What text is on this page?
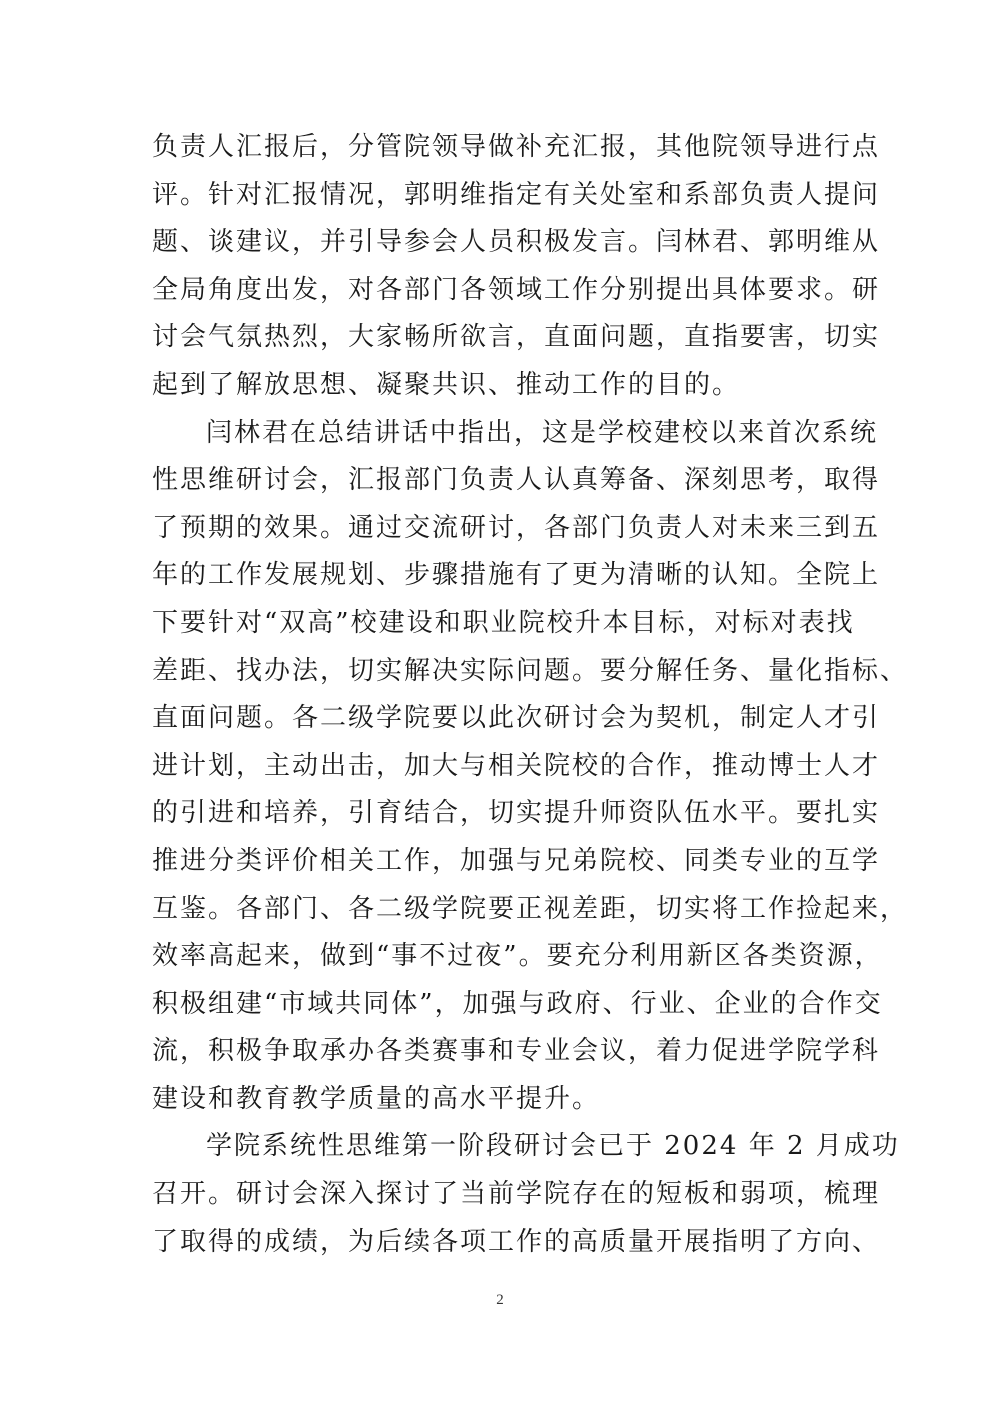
负责人汇报后，分管院领导做补充汇报，其他院领导进行点
评。针对汇报情况，郭明维指定有关处室和系部负责人提问
题、谈建议，并引导参会人员积极发言。闫林君、郭明维从
全局角度出发，对各部门各领域工作分别提出具体要求。研
讨会气氛热烈，大家畅所欲言，直面问题，直指要害，切实
起到了解放思想、凝聚共识、推动工作的目的。
闫林君在总结讲话中指出，这是学校建校以来首次系统
性思维研讨会，汇报部门负责人认真筹备、深刻思考，取得
了预期的效果。通过交流研讨，各部门负责人对未来三到五
年的工作发展规划、步骤措施有了更为清晰的认知。全院上
下要针对“双高”校建设和职业院校升本目标，对标对表找
差距、找办法，切实解决实际问题。要分解任务、量化指标、
直面问题。各二级学院要以此次研讨会为契机，制定人才引
进计划，主动出击，加大与相关院校的合作，推动博士人才
的引进和培养，引育结合，切实提升师资队伍水平。要扎实
推进分类评价相关工作，加强与兄弟院校、同类专业的互学
互鉴。各部门、各二级学院要正视差距，切实将工作捡起来，
效率高起来，做到“事不过夜”。要充分利用新区各类资源，
积极组建“市域共同体”，加强与政府、行业、企业的合作交
流，积极争取承办各类赛事和专业会议，着力促进学院学科
建设和教育教学质量的高水平提升。
学院系统性思维第一阶段研讨会已于 2024 年 2 月成功
召开。研讨会深入探讨了当前学院存在的短板和弱项，梳理
了取得的成绩，为后续各项工作的高质量开展指明了方向、
2
